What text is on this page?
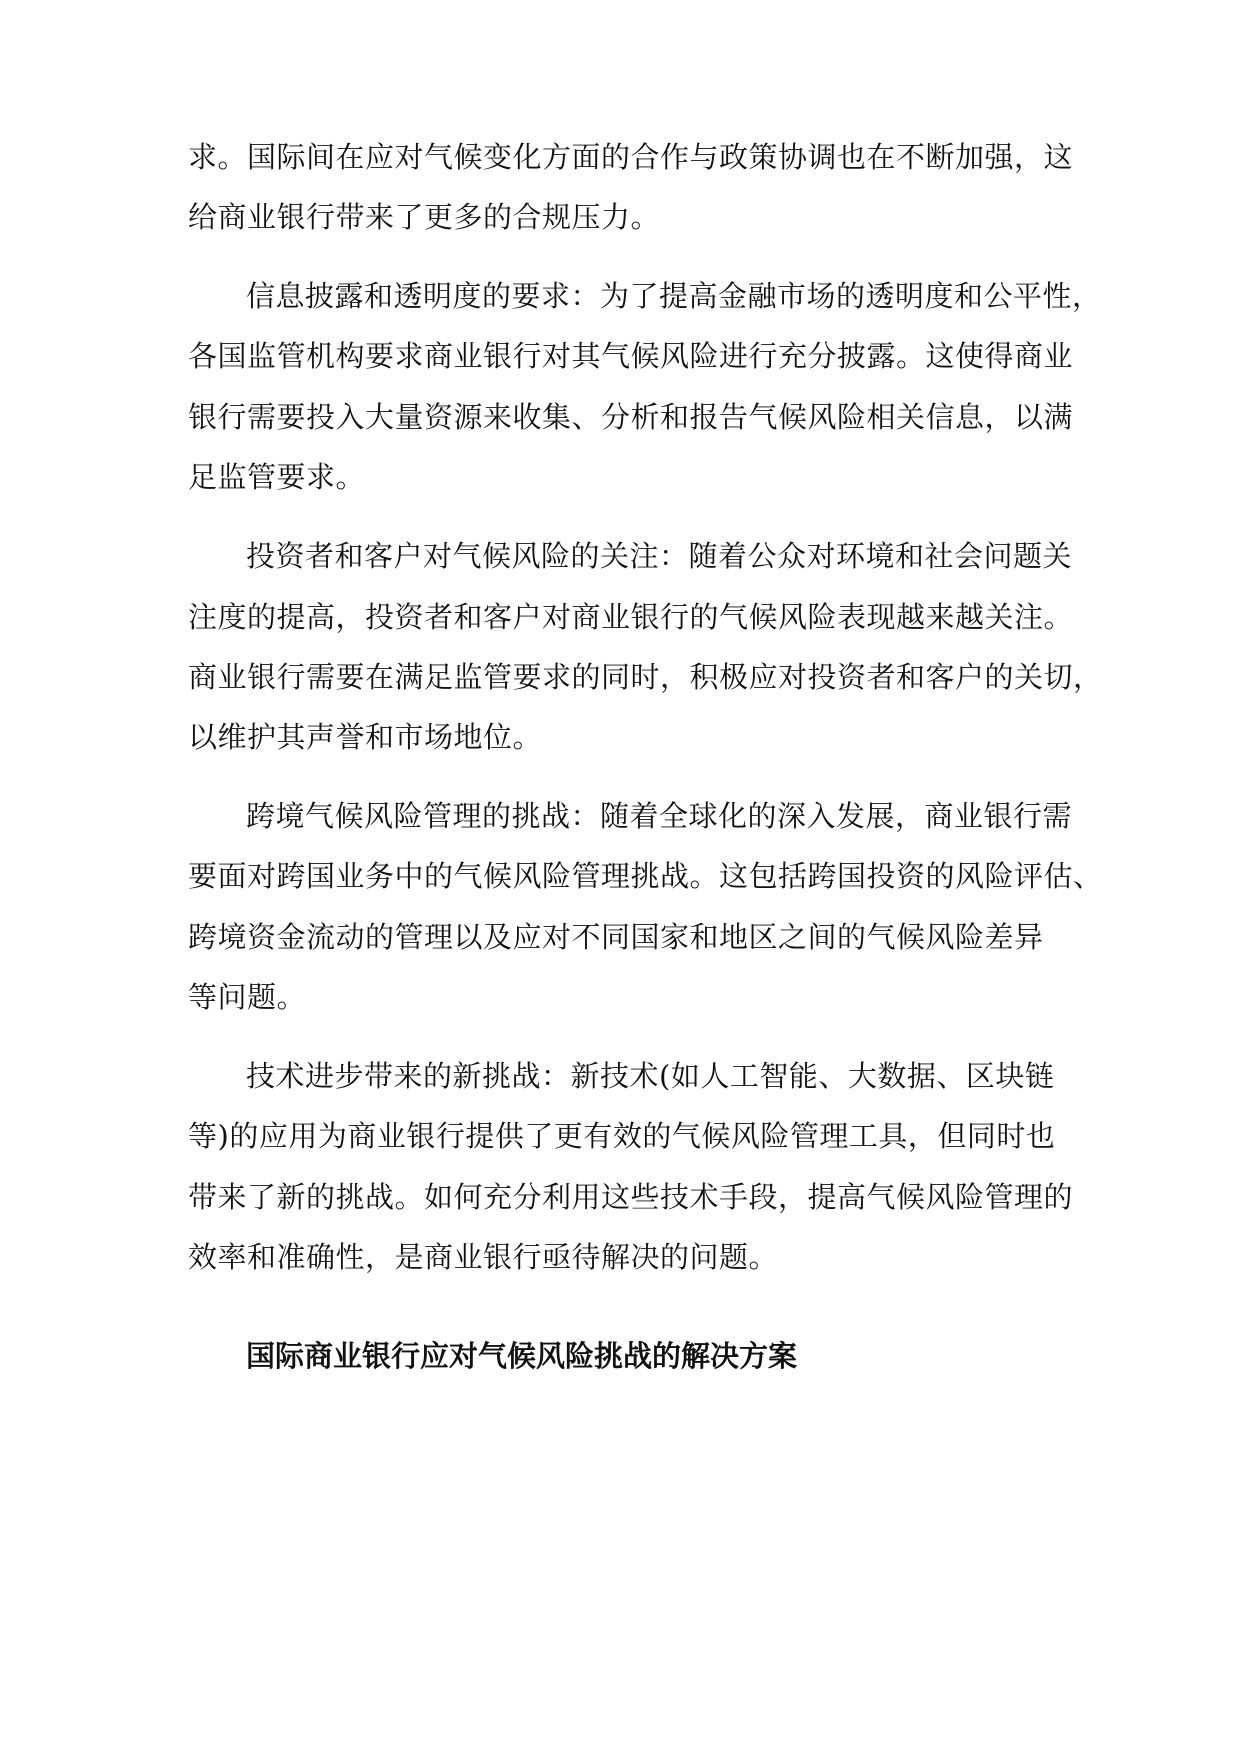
求。国际间在应对气候变化方面的合作与政策协调也在不断加强，这
给商业银行带来了更多的合规压力。
信息披露和透明度的要求：为了提高金融市场的透明度和公平性，
各国监管机构要求商业银行对其气候风险进行充分披露。这使得商业
银行需要投入大量资源来收集、分析和报告气候风险相关信息，以满
足监管要求。
投资者和客户对气候风险的关注：随着公众对环境和社会问题关
注度的提高，投资者和客户对商业银行的气候风险表现越来越关注。
商业银行需要在满足监管要求的同时，积极应对投资者和客户的关切，
以维护其声誉和市场地位。
跨境气候风险管理的挑战：随着全球化的深入发展，商业银行需
要面对跨国业务中的气候风险管理挑战。这包括跨国投资的风险评估、
跨境资金流动的管理以及应对不同国家和地区之间的气候风险差异
等问题。
技术进步带来的新挑战：新技术(如人工智能、大数据、区块链
等)的应用为商业银行提供了更有效的气候风险管理工具，但同时也
带来了新的挑战。如何充分利用这些技术手段，提高气候风险管理的
效率和准确性，是商业银行亟待解决的问题。
国际商业银行应对气候风险挑战的解决方案
